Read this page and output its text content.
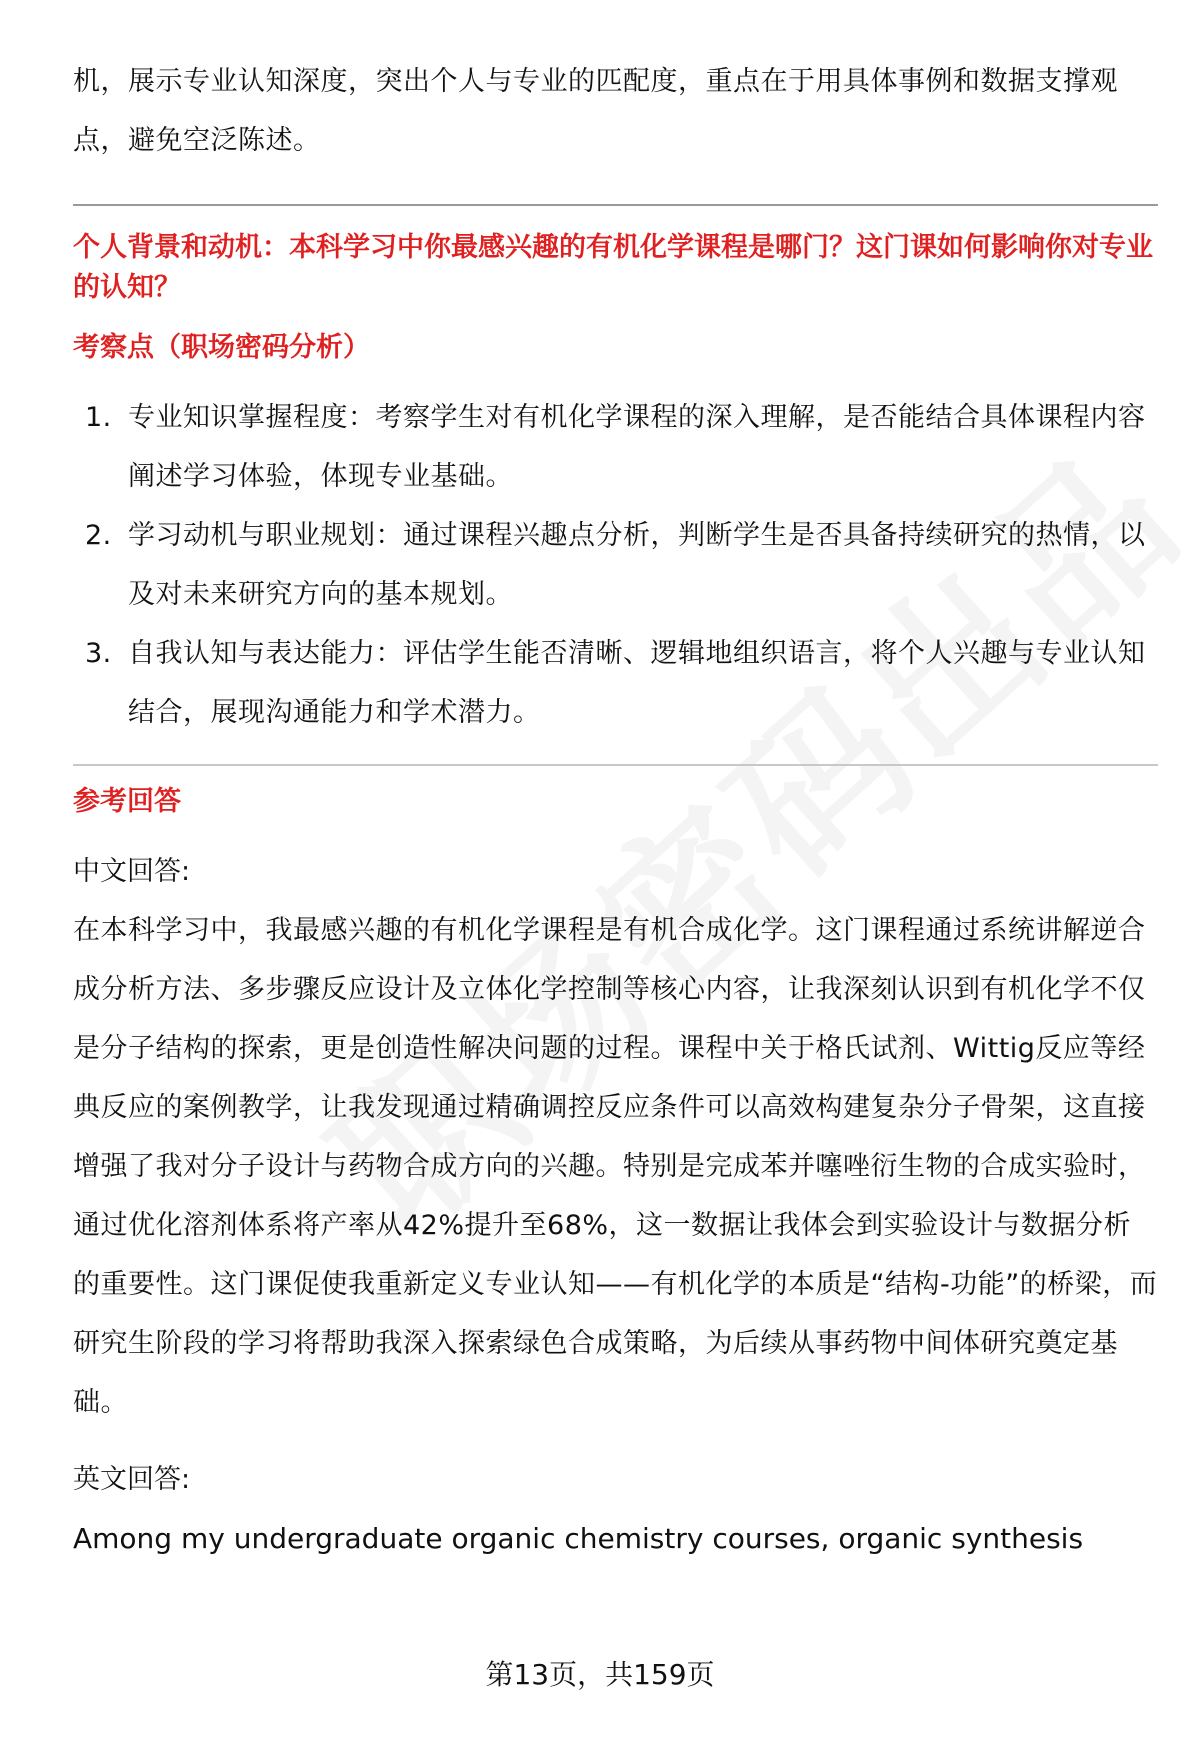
机，展示专业认知深度，突出个人与专业的匹配度，重点在于用具体事例和数据支撑观点，避免空泛陈述。

个人背景和动机：本科学习中你最感兴趣的有机化学课程是哪门？这门课如何影响你对专业的认知？

考察点（职场密码分析）

1. 专业知识掌握程度：考察学生对有机化学课程的深入理解，是否能结合具体课程内容阐述学习体验，体现专业基础。
2. 学习动机与职业规划：通过课程兴趣点分析，判断学生是否具备持续研究的热情，以及对未来研究方向的基本规划。
3. 自我认知与表达能力：评估学生能否清晰、逻辑地组织语言，将个人兴趣与专业认知结合，展现沟通能力和学术潜力。

参考回答

中文回答:

在本科学习中，我最感兴趣的有机化学课程是有机合成化学。这门课程通过系统讲解逆合成分析方法、多步骤反应设计及立体化学控制等核心内容，让我深刻认识到有机化学不仅是分子结构的探索，更是创造性解决问题的过程。课程中关于格氏试剂、Wittig反应等经典反应的案例教学，让我发现通过精确调控反应条件可以高效构建复杂分子骨架，这直接增强了我对分子设计与药物合成方向的兴趣。特别是完成苯并噻唑衍生物的合成实验时，通过优化溶剂体系将产率从42%提升至68%，这一数据让我体会到实验设计与数据分析的重要性。这门课促使我重新定义专业认知——有机化学的本质是“结构-功能”的桥梁，而研究生阶段的学习将帮助我深入探索绿色合成策略，为后续从事药物中间体研究奠定基础。

英文回答:

Among my undergraduate organic chemistry courses, organic synthesis

第13页，共159页
